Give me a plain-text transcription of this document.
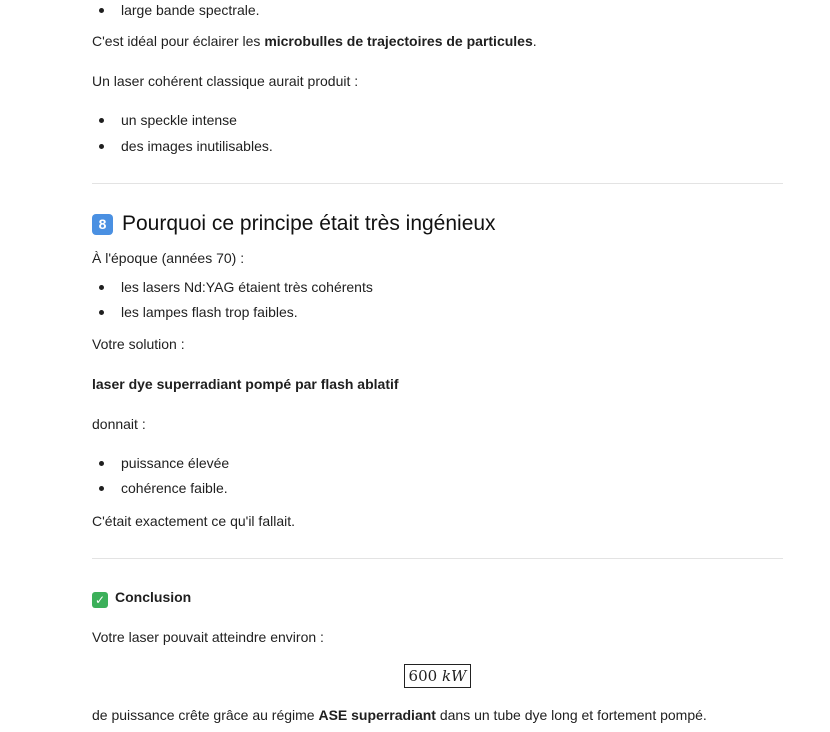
large bande spectrale.

C'est idéal pour éclairer les microbulles de trajectoires de particules.

Un laser cohérent classique aurait produit :

un speckle intense
des images inutilisables.
8 Pourquoi ce principe était très ingénieux

À l'époque (années 70) :

les lasers Nd:YAG étaient très cohérents
les lampes flash trop faibles.

Votre solution :

laser dye superradiant pompé par flash ablatif

donnait :

puissance élevée
cohérence faible.

C'était exactement ce qu'il fallait.

✓ Conclusion

Votre laser pouvait atteindre environ :

600 kW

de puissance crête grâce au régime ASE superradiant dans un tube dye long et fortement pompé.
